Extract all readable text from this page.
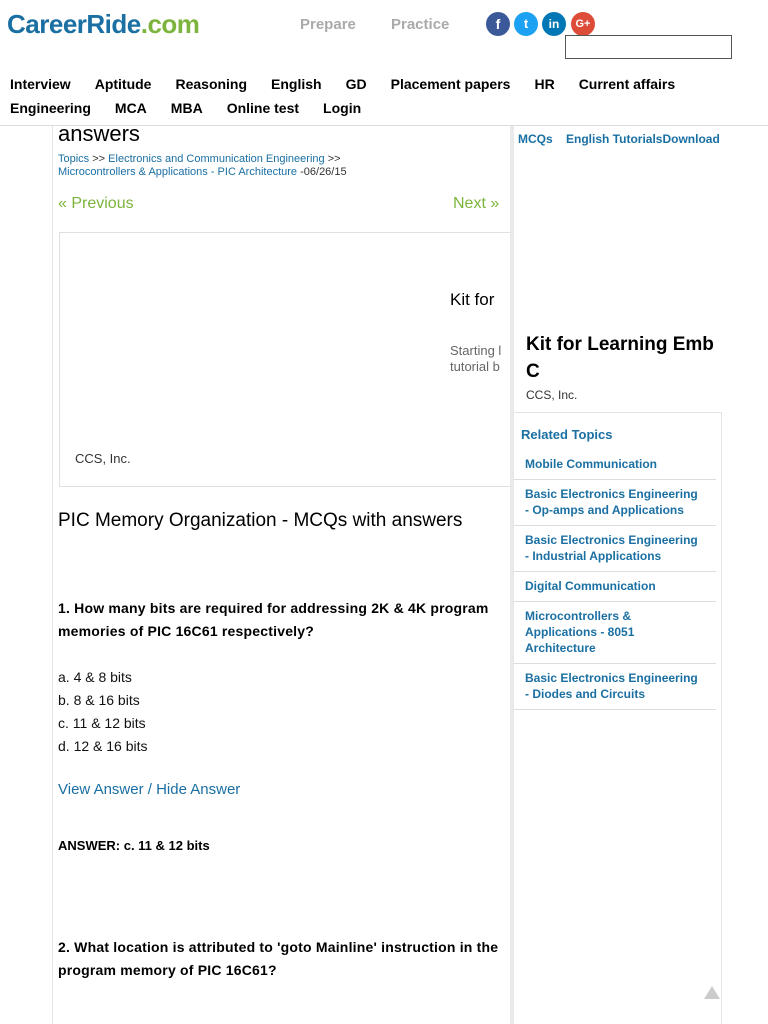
CareerRide.com	Prepare Practice	f	t	in	G+
Interview Aptitude Reasoning English GD Placement papers HR Current affairs
Engineering MCA MBA Online test Login
answers
Topics >> Electronics and Communication Engineering >>
Microcontrollers & Applications - PIC Architecture -06/26/15
« Previous	Next »
Kit for
Starting l
tutorial b
CCS, Inc.
PIC Memory Organization - MCQs with answers
1. How many bits are required for addressing 2K & 4K program memories of PIC 16C61 respectively?
a. 4 & 8 bits
b. 8 & 16 bits
c. 11 & 12 bits
d. 12 & 16 bits
View Answer / Hide Answer
ANSWER: c. 11 & 12 bits
2. What location is attributed to 'goto Mainline' instruction in the program memory of PIC 16C61?
MCQs English TutorialsDownload
Kit for Learning Emb C
CCS, Inc.
Related Topics
Mobile Communication
Basic Electronics Engineering - Op-amps and Applications
Basic Electronics Engineering - Industrial Applications
Digital Communication
Microcontrollers & Applications - 8051 Architecture
Basic Electronics Engineering - Diodes and Circuits
